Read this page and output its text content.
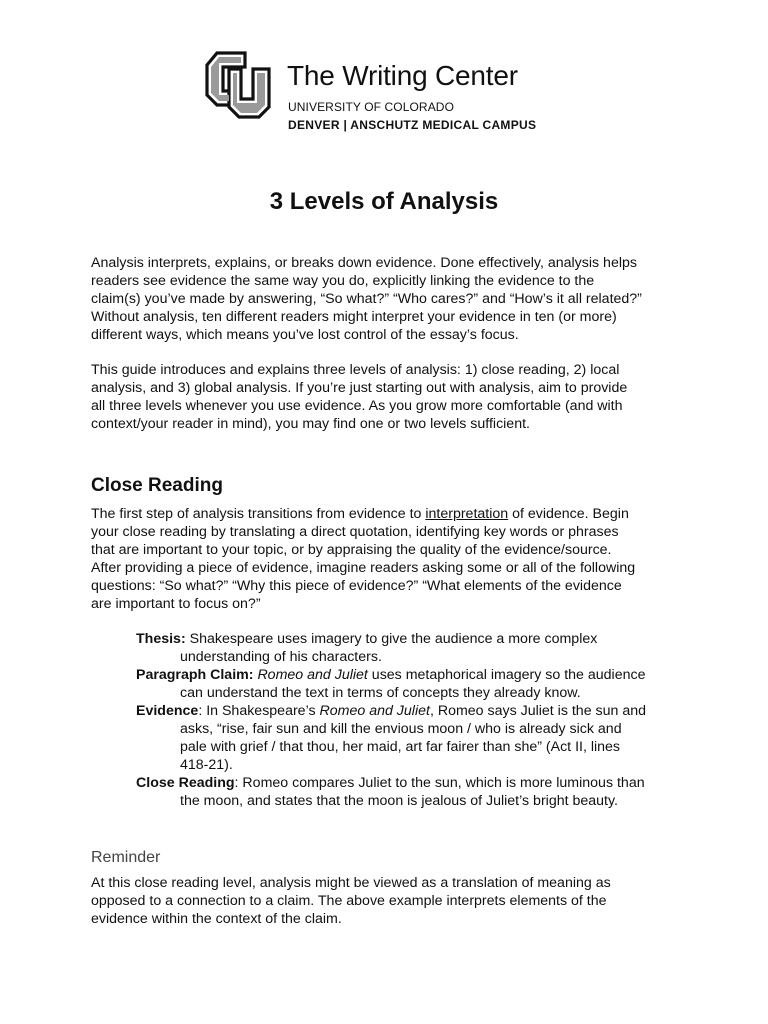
CU
The Writing Center
UNIVERSITY OF COLORADO
DENVER | ANSCHUTZ MEDICAL CAMPUS
3 Levels of Analysis
Analysis interprets, explains, or breaks down evidence. Done effectively, analysis helps
readers see evidence the same way you do, explicitly linking the evidence to the
claim(s) you’ve made by answering, “So what?” “Who cares?” and “How’s it all related?”
Without analysis, ten different readers might interpret your evidence in ten (or more)
different ways, which means you’ve lost control of the essay’s focus.
This guide introduces and explains three levels of analysis: 1) close reading, 2) local
analysis, and 3) global analysis. If you’re just starting out with analysis, aim to provide
all three levels whenever you use evidence. As you grow more comfortable (and with
context/your reader in mind), you may find one or two levels sufficient.
Close Reading
The first step of analysis transitions from evidence to interpretation of evidence. Begin
your close reading by translating a direct quotation, identifying key words or phrases
that are important to your topic, or by appraising the quality of the evidence/source.
After providing a piece of evidence, imagine readers asking some or all of the following
questions: “So what?” “Why this piece of evidence?” “What elements of the evidence
are important to focus on?”
Thesis: Shakespeare uses imagery to give the audience a more complex
understanding of his characters.
Paragraph Claim: Romeo and Juliet uses metaphorical imagery so the audience
can understand the text in terms of concepts they already know.
Evidence: In Shakespeare’s Romeo and Juliet, Romeo says Juliet is the sun and
asks, “rise, fair sun and kill the envious moon / who is already sick and
pale with grief / that thou, her maid, art far fairer than she” (Act II, lines
418-21).
Close Reading: Romeo compares Juliet to the sun, which is more luminous than
the moon, and states that the moon is jealous of Juliet’s bright beauty.
Reminder
At this close reading level, analysis might be viewed as a translation of meaning as
opposed to a connection to a claim. The above example interprets elements of the
evidence within the context of the claim.
